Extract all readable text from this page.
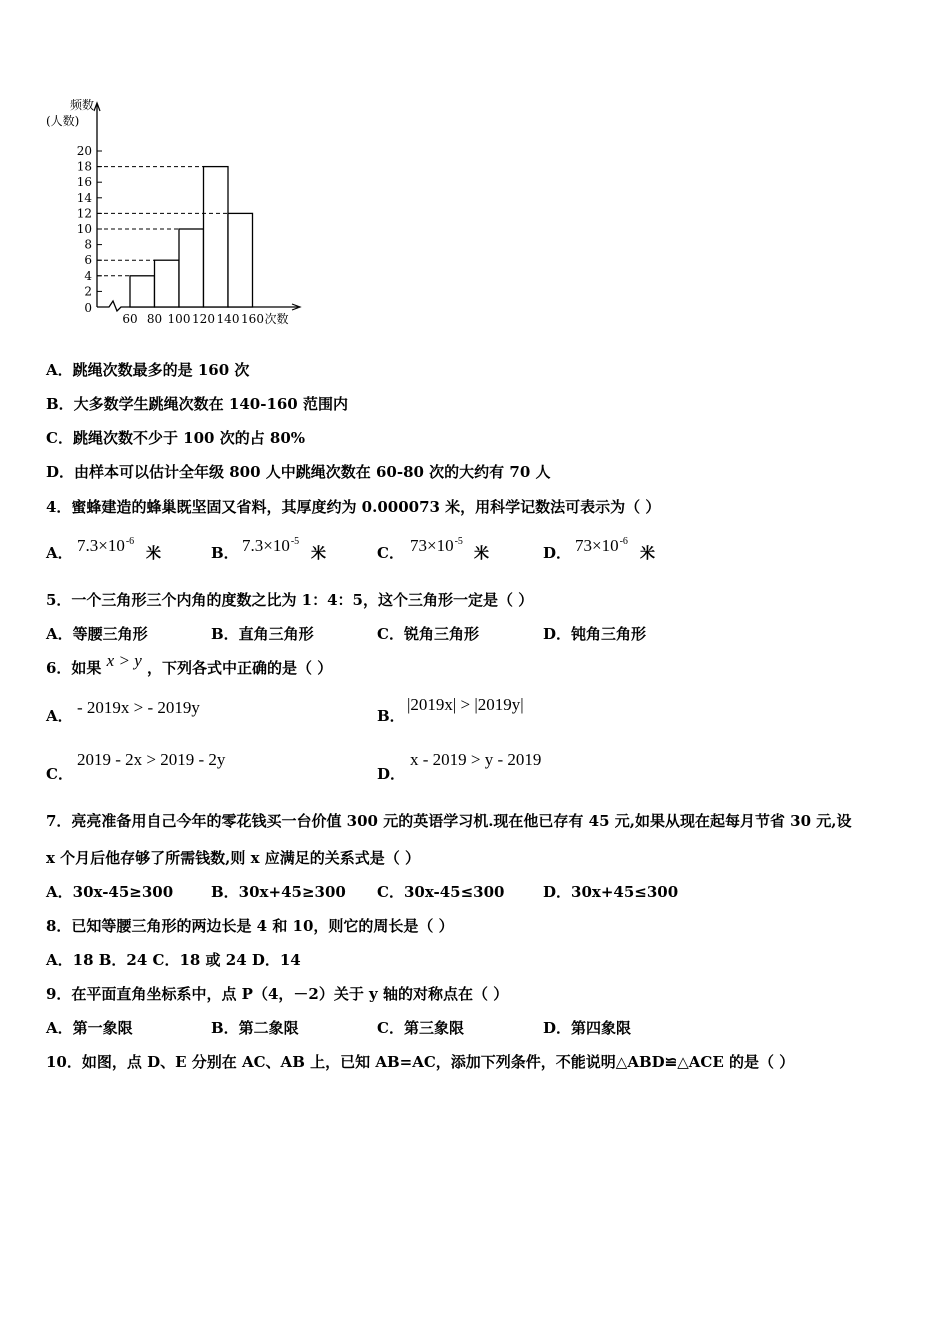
0
2
4
6
8
10
12
14
16
18
20
频数
(人数)
60 80 100 120 140 160 次数
A．跳绳次数最多的是 160 次
B．大多数学生跳绳次数在 140-160 范围内
C．跳绳次数不少于 100 次的占 80%
D．由样本可以估计全年级 800 人中跳绳次数在 60-80 次的大约有 70 人
4．蜜蜂建造的蜂巢既坚固又省料，其厚度约为 0.000073 米，用科学记数法可表示为（ ）
A． $7.3\times 10^{-6}$
米	B． $7.3\times 10^{-5}$
米	C． $73\times 10^{-5}$
米	D． $73\times 10^{-6}$
米
5．一个三角形三个内角的度数之比为 1：4：5，这个三角形一定是（ ）
A．等腰三角形	B．直角三角形	C．锐角三角形	D．钝角三角形
6．如果 x > y ，下列各式中正确的是（ ）
A． - 2019x > - 2019y	B．
|2019x| > |2019y|
C．
2019 - 2x > 2019 - 2y
D．
x - 2019 > y - 2019
7．亮亮准备用自己今年的零花钱买一台价值 300 元的英语学习机.现在他已存有 45 元,如果从现在起每月节省 30 元,设
x 个月后他存够了所需钱数,则 x 应满足的关系式是（ ）
A．30x-45≥300	B．30x+45≥300 C．30x-45≤300	D．30x+45≤300
8．已知等腰三角形的两边长是 4 和 10，则它的周长是（ ）
A．18 B．24 C．18 或 24 D．14
9．在平面直角坐标系中，点 P（4，－2）关于 y 轴的对称点在（ ）
A．第一象限	B．第二象限	C．第三象限	D．第四象限
10．如图，点 D、E 分别在 AC、AB 上，已知 AB=AC，添加下列条件，不能说明△ABD≌△ACE 的是（ ）
